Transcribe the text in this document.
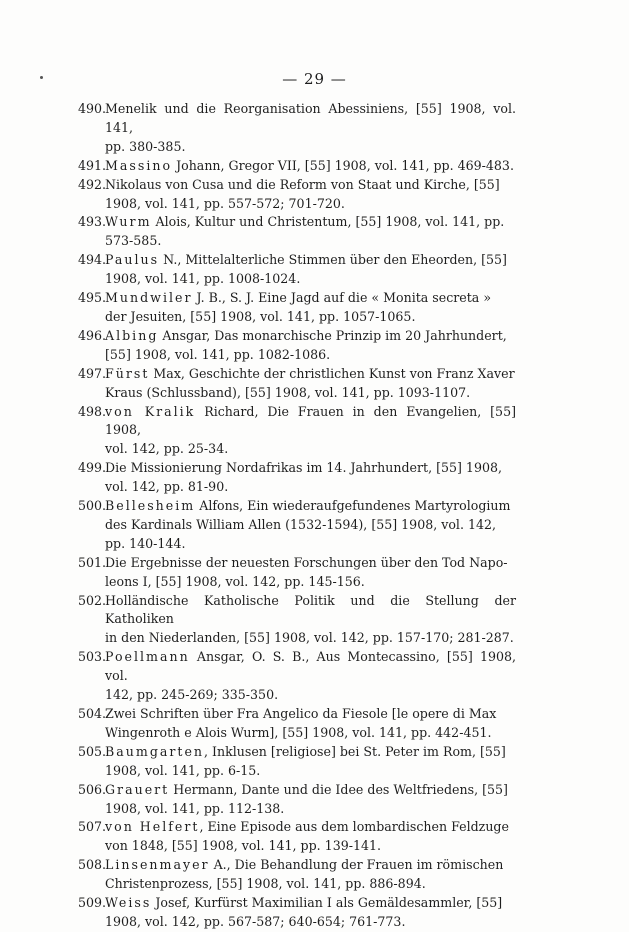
— 29 —
490.
Menelik und die Reorganisation Abessiniens, [55] 1908, vol. 141,
pp. 380-385.
491.
Massino Johann, Gregor VII, [55] 1908, vol. 141, pp. 469-483.
492.
Nikolaus von Cusa und die Reform von Staat und Kirche, [55]
1908, vol. 141, pp. 557-572; 701-720.
493.
Wurm Alois, Kultur und Christentum, [55] 1908, vol. 141, pp.
573-585.
494.
Paulus N., Mittelalterliche Stimmen über den Eheorden, [55]
1908, vol. 141, pp. 1008-1024.
495.
Mundwiler J. B., S. J. Eine Jagd auf die « Monita secreta »
der Jesuiten, [55] 1908, vol. 141, pp. 1057-1065.
496.
Albing Ansgar, Das monarchische Prinzip im 20 Jahrhundert,
[55] 1908, vol. 141, pp. 1082-1086.
497.
Fürst Max, Geschichte der christlichen Kunst von Franz Xaver
Kraus (Schlussband), [55] 1908, vol. 141, pp. 1093-1107.
498.
von Kralik Richard, Die Frauen in den Evangelien, [55] 1908,
vol. 142, pp. 25-34.
499.
Die Missionierung Nordafrikas im 14. Jahrhundert, [55] 1908,
vol. 142, pp. 81-90.
500.
Bellesheim Alfons, Ein wiederaufgefundenes Martyrologium
des Kardinals William Allen (1532-1594), [55] 1908, vol. 142,
pp. 140-144.
501.
Die Ergebnisse der neuesten Forschungen über den Tod Napo-
leons I, [55] 1908, vol. 142, pp. 145-156.
502.
Holländische Katholische Politik und die Stellung der Katholiken
in den Niederlanden, [55] 1908, vol. 142, pp. 157-170; 281-287.
503.
Poellmann Ansgar, O. S. B., Aus Montecassino, [55] 1908, vol.
142, pp. 245-269; 335-350.
504.
Zwei Schriften über Fra Angelico da Fiesole [le opere di Max
Wingenroth e Alois Wurm], [55] 1908, vol. 141, pp. 442-451.
505.
Baumgarten, Inklusen [religiose] bei St. Peter im Rom, [55]
1908, vol. 141, pp. 6-15.
506.
Grauert Hermann, Dante und die Idee des Weltfriedens, [55]
1908, vol. 141, pp. 112-138.
507.
von Helfert, Eine Episode aus dem lombardischen Feldzuge
von 1848, [55] 1908, vol. 141, pp. 139-141.
508.
Linsenmayer A., Die Behandlung der Frauen im römischen
Christenprozess, [55] 1908, vol. 141, pp. 886-894.
509.
Weiss Josef, Kurfürst Maximilian I als Gemäldesammler, [55]
1908, vol. 142, pp. 567-587; 640-654; 761-773.
